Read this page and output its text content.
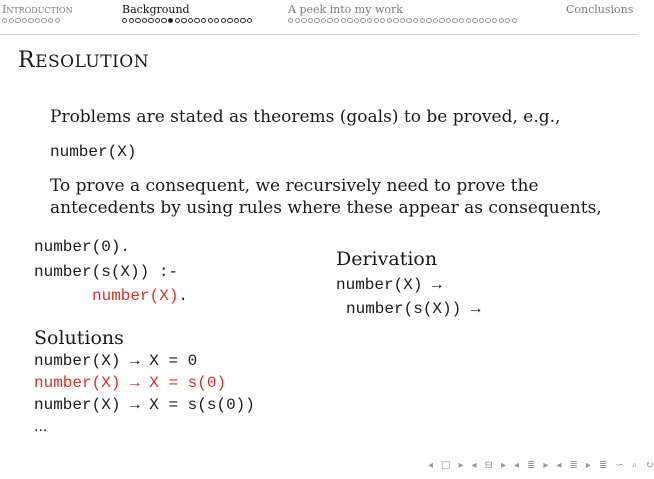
Introduction	Background	A peek into my work	Conclusions
RESOLUTION
Problems are stated as theorems (goals) to be proved, e.g.,
number(X)
To prove a consequent, we recursively need to prove the
antecedents by using rules where these appear as consequents,
number(0).
number(s(X)) :-
number(X).
Derivation
number(X) →
number(s(X)) →
Solutions
number(X) → X = 0
number(X) → X = s(0)
number(X) → X = s(s(0))
...
◂ □ ▸ ◂ ⊟ ▸ ◂ ≣ ▸ ◂ ≣ ▸ ≣ ∽ ⌕ ↻
